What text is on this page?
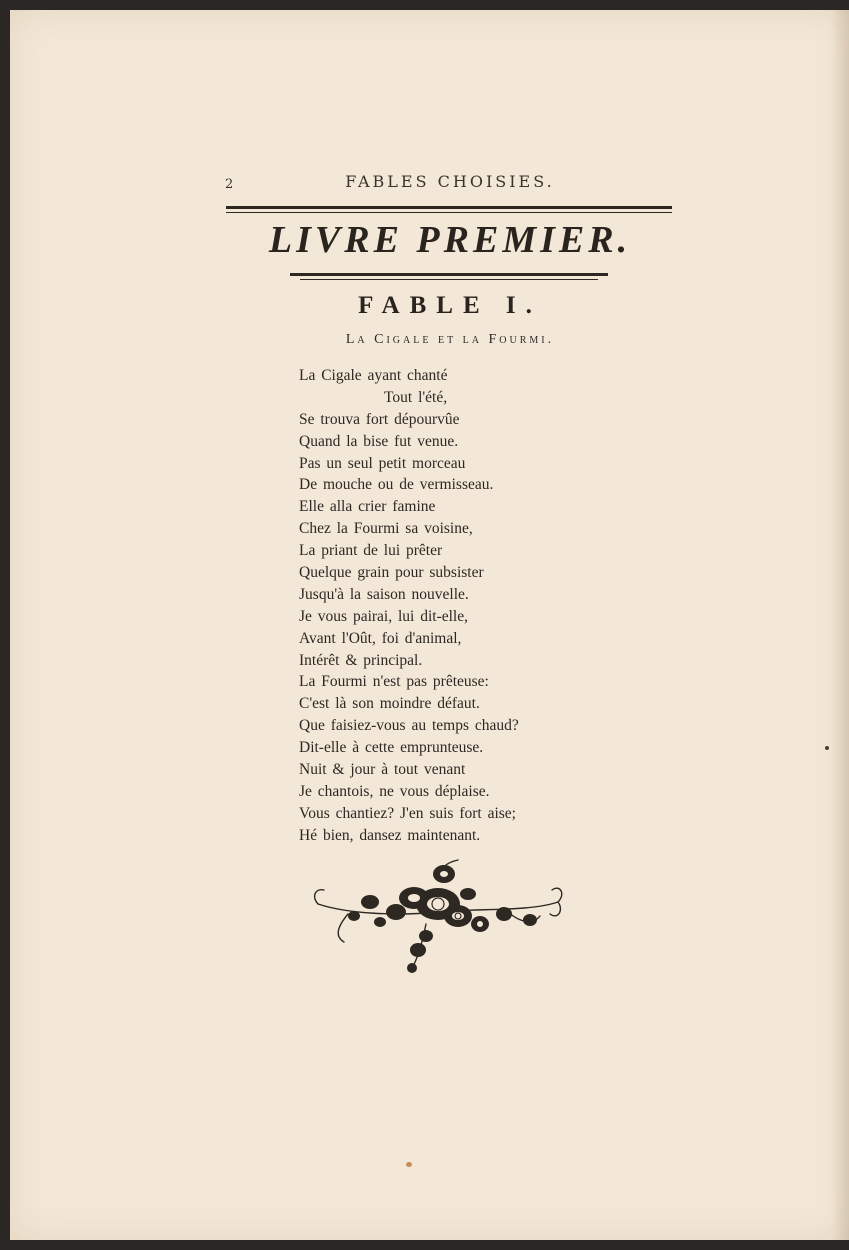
2	FABLES CHOISIES.
LIVRE PREMIER.
FABLE I.
La Cigale et la Fourmi.
La Cigale ayant chanté
Tout l'été,
Se trouva fort dépourvûe
Quand la bise fut venue.
Pas un seul petit morceau
De mouche ou de vermisseau.
Elle alla crier famine
Chez la Fourmi sa voisine,
La priant de lui prêter
Quelque grain pour subsister
Jusqu'à la saison nouvelle.
Je vous pairai, lui dit-elle,
Avant l'Oût, foi d'animal,
Intérêt & principal.
La Fourmi n'est pas prêteuse:
C'est là son moindre défaut.
Que faisiez-vous au temps chaud?
Dit-elle à cette emprunteuse.
Nuit & jour à tout venant
Je chantois, ne vous déplaise.
Vous chantiez? J'en suis fort aise;
Hé bien, dansez maintenant.
